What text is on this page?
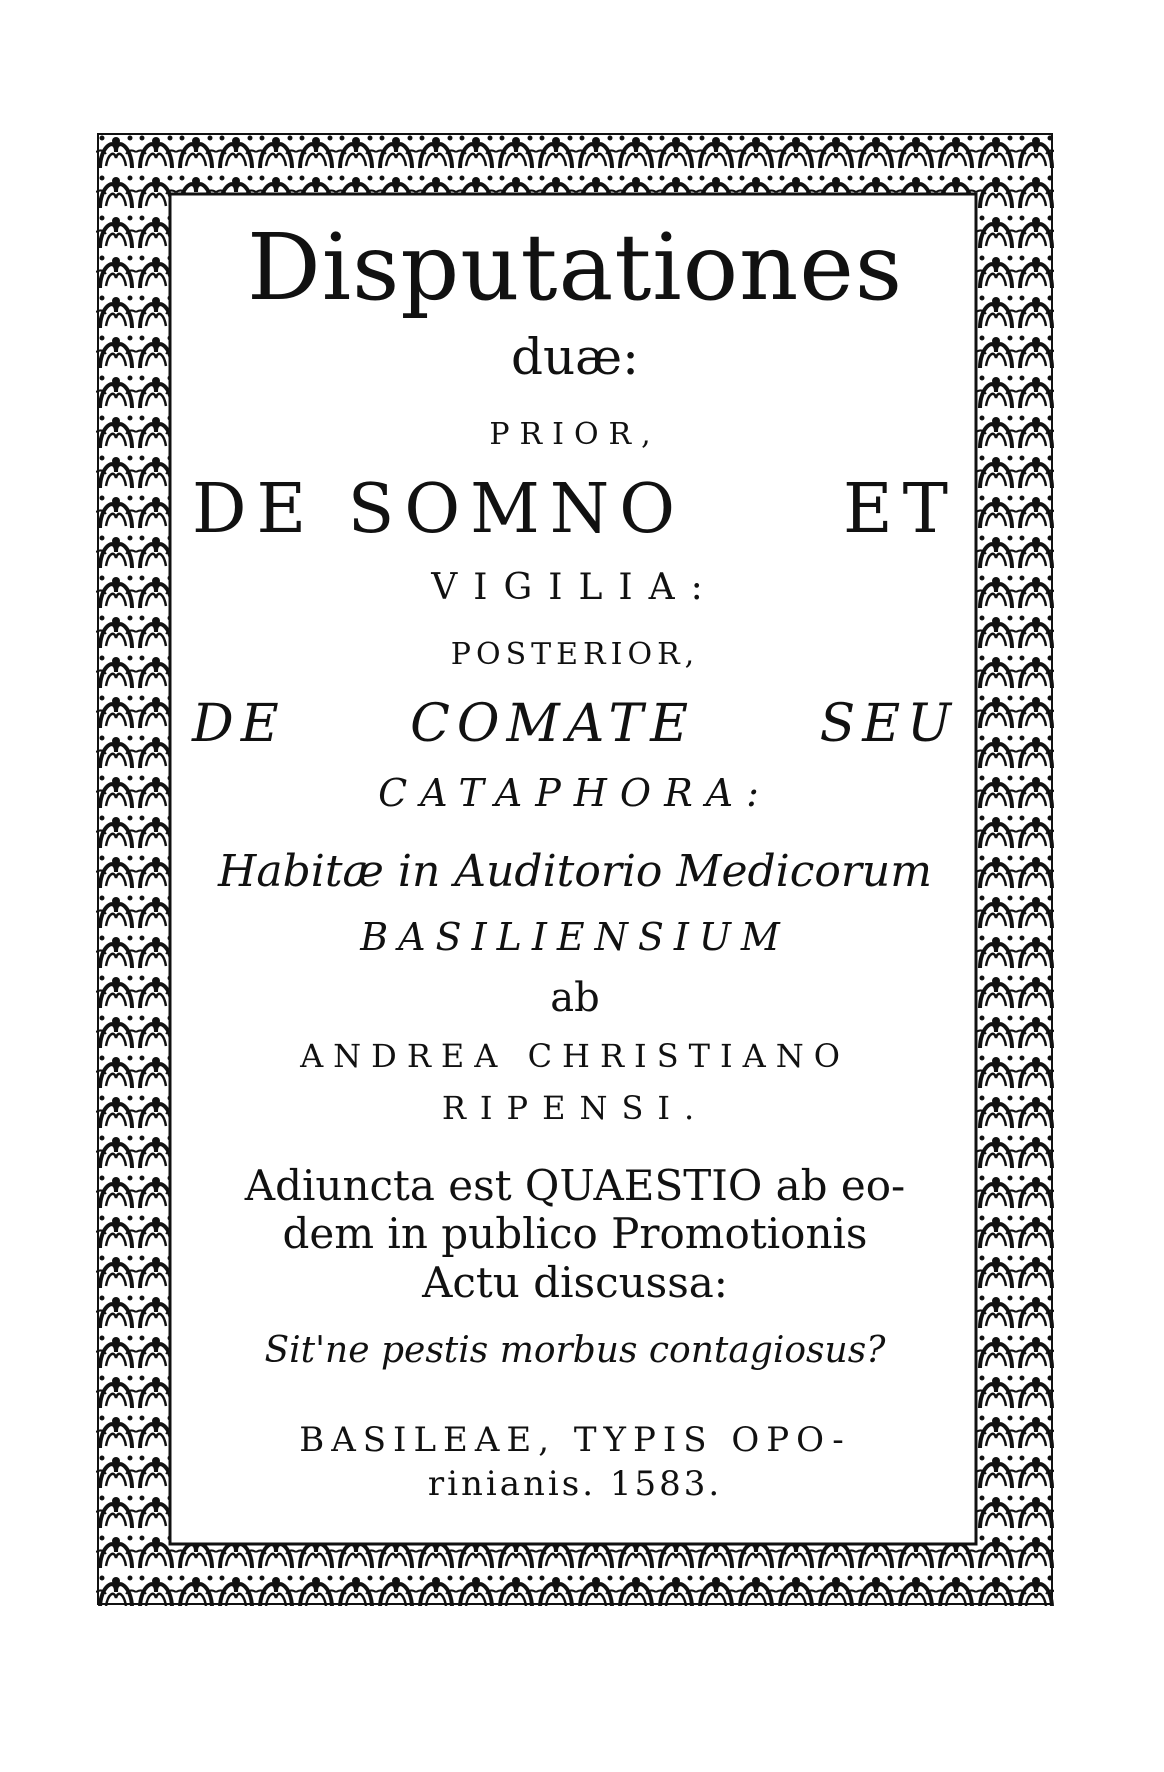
Disputationes
duæ:
PRIOR,
DE SOMNO ET
VIGILIA:
POSTERIOR,
DE COMATE SEU
CATAPHORA:
Habitæ in Auditorio Medicorum
BASILIENSIUM
ab
ANDREA CHRISTIANO
RIPENSI.
Adiuncta est QUAESTIO ab eo-
dem in publico Promotionis
Actu discussa:
Sit'ne pestis morbus contagiosus?
BASILEAE, TYPIS OPO-
rinianis. 1583.
